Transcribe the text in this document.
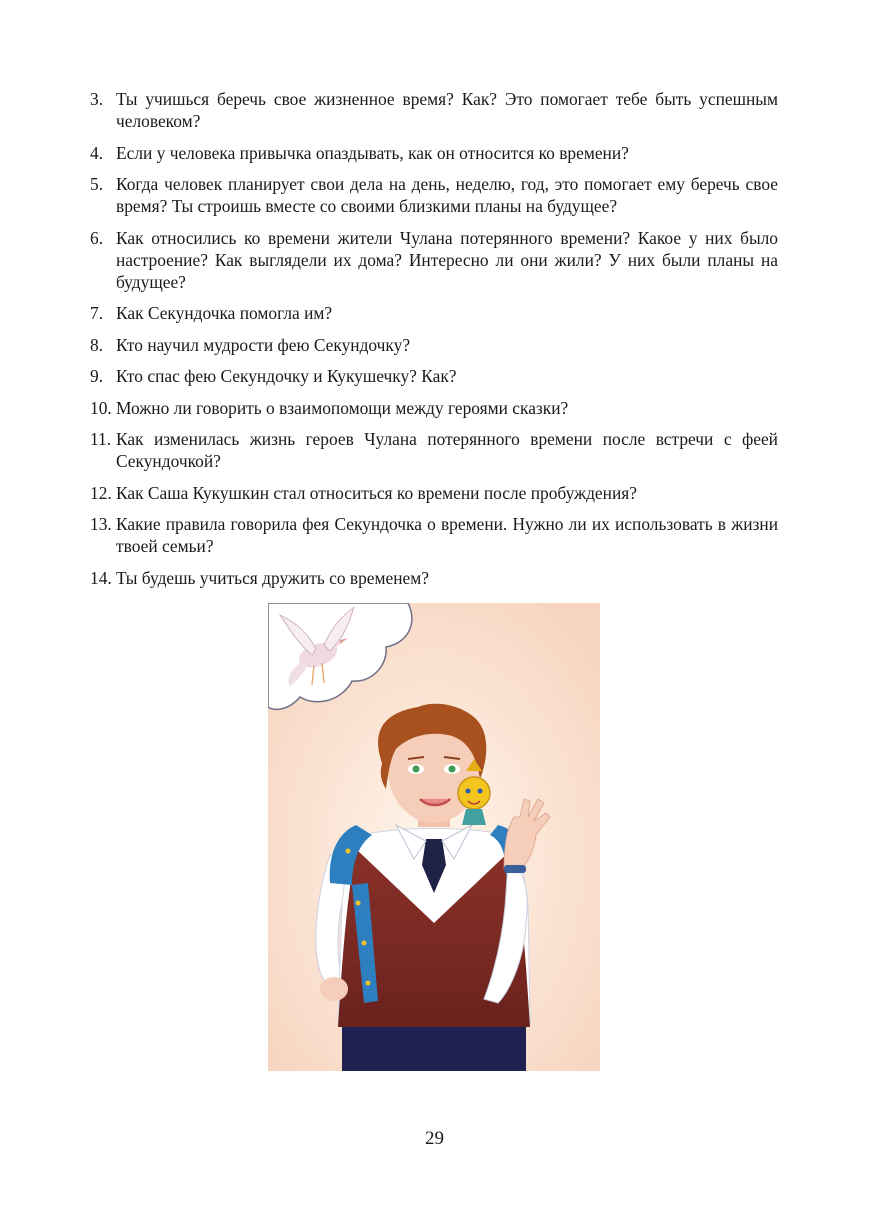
3. Ты учишься беречь свое жизненное время? Как? Это помогает тебе быть успешным человеком?
4. Если у человека привычка опаздывать, как он относится ко времени?
5. Когда человек планирует свои дела на день, неделю, год, это помогает ему беречь свое время? Ты строишь вместе со своими близкими планы на будущее?
6. Как относились ко времени жители Чулана потерянного времени? Какое у них было настроение? Как выглядели их дома? Интересно ли они жили? У них были планы на будущее?
7. Как Секундочка помогла им?
8. Кто научил мудрости фею Секундочку?
9. Кто спас фею Секундочку и Кукушечку? Как?
10. Можно ли говорить о взаимопомощи между героями сказки?
11. Как изменилась жизнь героев Чулана потерянного времени после встречи с феей Секундочкой?
12. Как Саша Кукушкин стал относиться ко времени после пробуждения?
13. Какие правила говорила фея Секундочка о времени. Нужно ли их использовать в жизни твоей семьи?
14. Ты будешь учиться дружить со временем?
29
